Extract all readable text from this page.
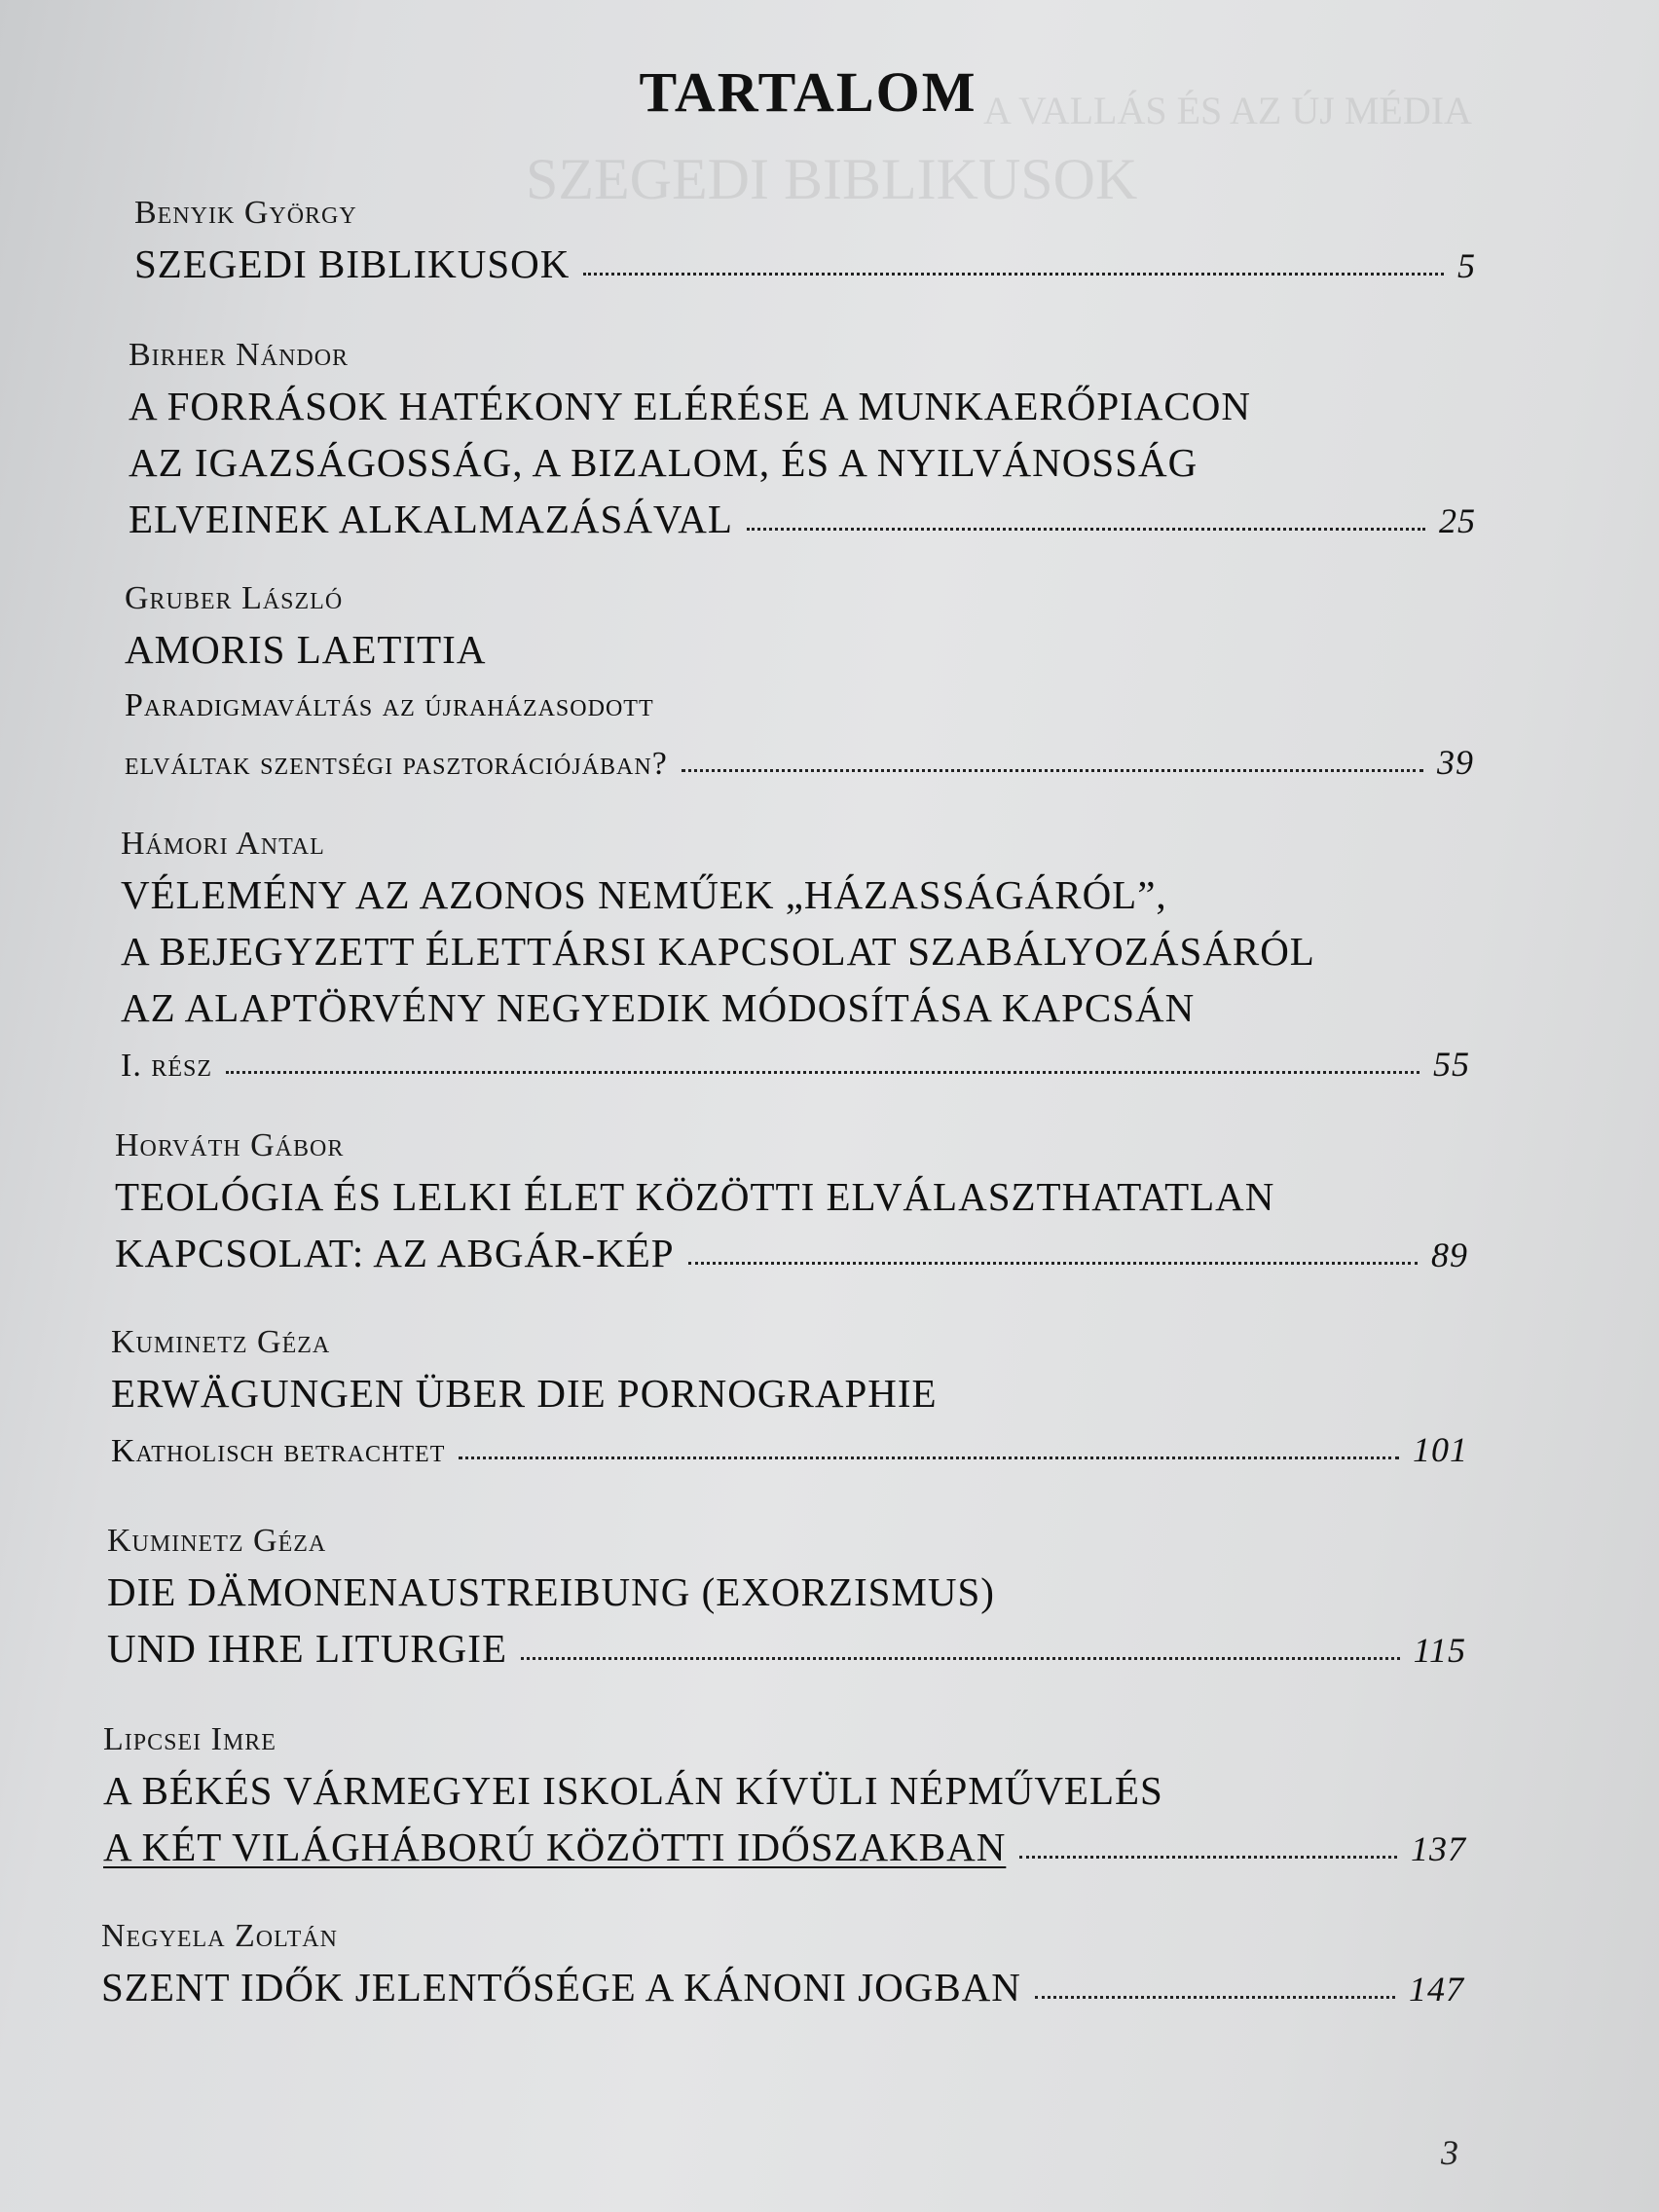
A VALLÁS ÉS AZ ÚJ MÉDIA
SZEGEDI BIBLIKUSOK
TARTALOM
Benyik György
SZEGEDI BIBLIKUSOK	5
Birher Nándor
A FORRÁSOK HATÉKONY ELÉRÉSE A MUNKAERŐPIACON
AZ IGAZSÁGOSSÁG, A BIZALOM, ÉS A NYILVÁNOSSÁG
ELVEINEK ALKALMAZÁSÁVAL	25
Gruber László
AMORIS LAETITIA
Paradigmaváltás az újraházasodott
elváltak szentségi pasztorációjában?	39
Hámori Antal
VÉLEMÉNY AZ AZONOS NEMŰEK „HÁZASSÁGÁRÓL”,
A BEJEGYZETT ÉLETTÁRSI KAPCSOLAT SZABÁLYOZÁSÁRÓL
AZ ALAPTÖRVÉNY NEGYEDIK MÓDOSÍTÁSA KAPCSÁN
I. rész	55
Horváth Gábor
TEOLÓGIA ÉS LELKI ÉLET KÖZÖTTI ELVÁLASZTHATATLAN
KAPCSOLAT: AZ ABGÁR-KÉP	89
Kuminetz Géza
ERWÄGUNGEN ÜBER DIE PORNOGRAPHIE
Katholisch betrachtet	101
Kuminetz Géza
DIE DÄMONENAUSTREIBUNG (EXORZISMUS)
UND IHRE LITURGIE	115
Lipcsei Imre
A BÉKÉS VÁRMEGYEI ISKOLÁN KÍVÜLI NÉPMŰVELÉS
A KÉT VILÁGHÁBORÚ KÖZÖTTI IDŐSZAKBAN	137
Negyela Zoltán
SZENT IDŐK JELENTŐSÉGE A KÁNONI JOGBAN	147
3
